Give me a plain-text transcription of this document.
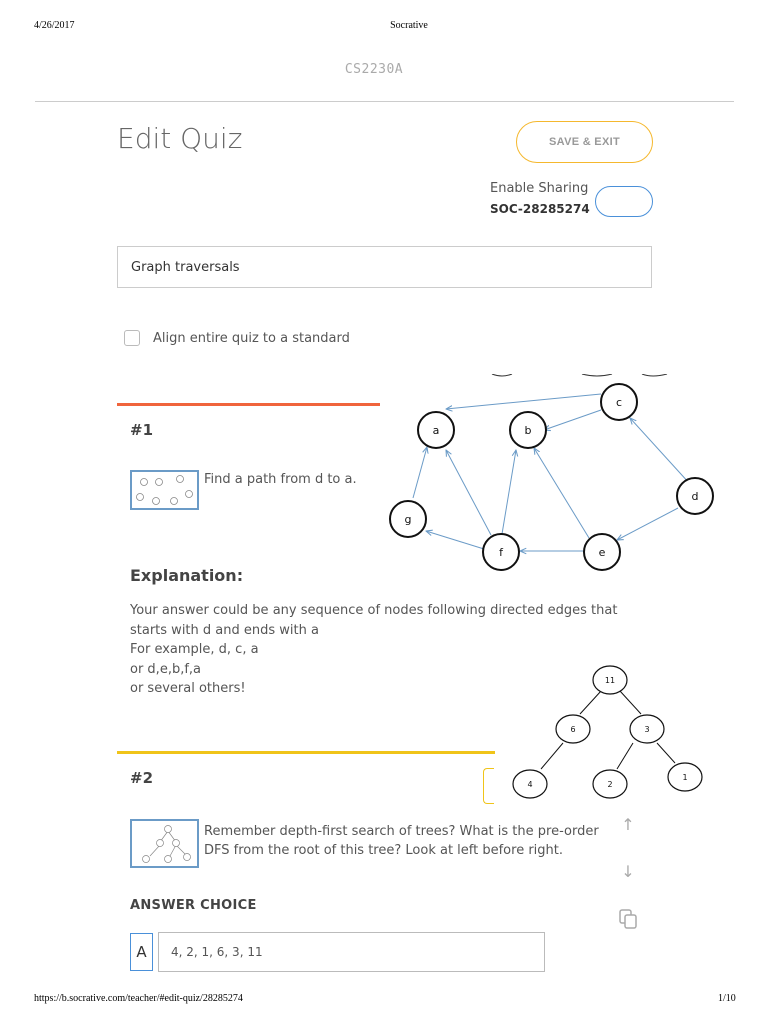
4/26/2017	Socrative
CS2230A
Edit Quiz	SAVE & EXIT
Enable Sharing
SOC-28285274
Graph traversals
Align entire quiz to a standard
#1
Find a path from d to a.
a	b
c
d
e
f
g
Explanation:
Your answer could be any sequence of nodes following directed edges that
starts with d and ends with a
For example, d, c, a
or d,e,b,f,a
or several others!
#2
11
6	3
4	2
1
Remember depth-first search of trees? What is the pre-order
DFS from the root of this tree? Look at left before right.
↑
↓
ANSWER CHOICE
A	4, 2, 1, 6, 3, 11
https://b.socrative.com/teacher/#edit-quiz/28285274	1/10
